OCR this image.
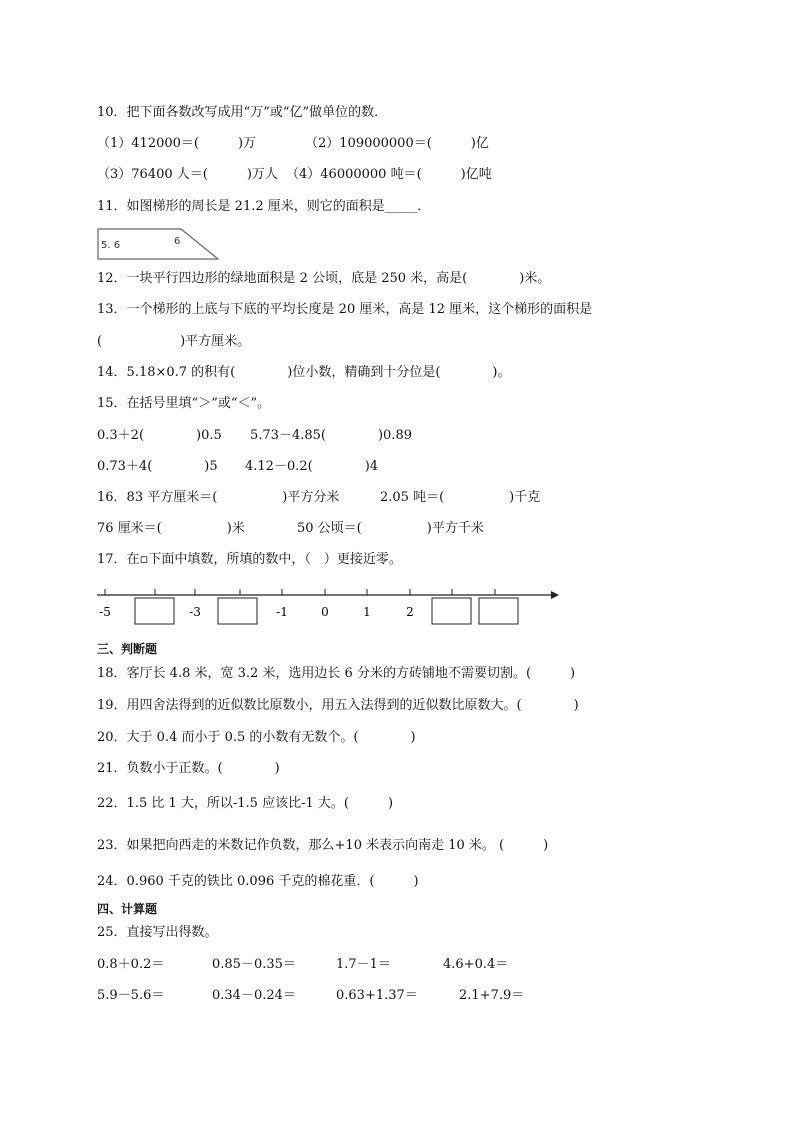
10．把下面各数改写成用“万”或“亿”做单位的数．
（1）412000＝(　　　)万	（2）109000000＝(　　　)亿
（3）76400 人＝(　　　)万人 （4）46000000 吨＝(　　　)亿吨
11．如图梯形的周长是 21.2 厘米，则它的面积是_____．
5. 6	6
12．一块平行四边形的绿地面积是 2 公顷，底是 250 米，高是(　　　　)米。
13．一个梯形的上底与下底的平均长度是 20 厘米，高是 12 厘米，这个梯形的面积是
(　　　　　　)平方厘米。
14．5.18×0.7 的积有(　　　　)位小数，精确到十分位是(　　　　)。
15．在括号里填“＞”或“＜”。
0.3＋2(　　　　)0.5 5.73－4.85(　　　　)0.89
0.73＋4(　　　　)5 4.12－0.2(　　　　)4
16．83 平方厘米＝(　　　　　)平方分米	2.05 吨＝(　　　　　)千克
76 厘米＝(　　　　　)米	50 公顷＝(　　　　　)平方千米
17．在▫下面中填数，所填的数中，（　）更接近零。
-5	-3	-1	0	1	2
三、判断题
18．客厅长 4.8 米，宽 3.2 米，选用边长 6 分米的方砖铺地不需要切割。(　　　)
19．用四舍法得到的近似数比原数小，用五入法得到的近似数比原数大。(　　　　)
20．大于 0.4 而小于 0.5 的小数有无数个。(　　　　)
21．负数小于正数。(　　　　)
22．1.5 比 1 大，所以-1.5 应该比-1 大。(　　　)
23．如果把向西走的米数记作负数，那么+10 米表示向南走 10 米。 (　　　)
24．0.960 千克的铁比 0.096 千克的棉花重．(　　　)
四、计算题
25．直接写出得数。
0.8＋0.2＝	0.85－0.35＝	1.7－1＝	4.6+0.4＝
5.9－5.6＝	0.34－0.24＝	0.63+1.37＝	2.1+7.9＝
